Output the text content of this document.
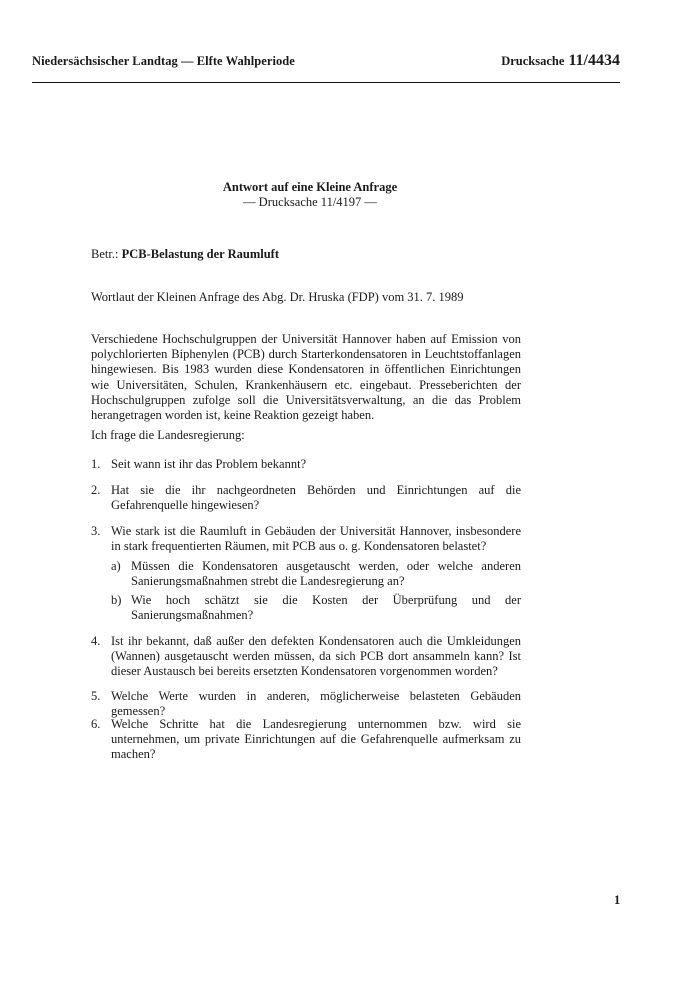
Niedersächsischer Landtag — Elfte Wahlperiode	Drucksache 11/4434
Antwort auf eine Kleine Anfrage
— Drucksache 11/4197 —
Betr.: PCB-Belastung der Raumluft
Wortlaut der Kleinen Anfrage des Abg. Dr. Hruska (FDP) vom 31. 7. 1989
Verschiedene Hochschulgruppen der Universität Hannover haben auf Emission von polychlorierten Biphenylen (PCB) durch Starterkondensatoren in Leuchtstoffanlagen hingewiesen. Bis 1983 wurden diese Kondensatoren in öffentlichen Einrichtungen wie Universitäten, Schulen, Krankenhäusern etc. eingebaut. Presseberichten der Hochschulgruppen zufolge soll die Universitätsverwaltung, an die das Problem herangetragen worden ist, keine Reaktion gezeigt haben.
Ich frage die Landesregierung:
1. Seit wann ist ihr das Problem bekannt?
2. Hat sie die ihr nachgeordneten Behörden und Einrichtungen auf die Gefahrenquelle hingewiesen?
3. Wie stark ist die Raumluft in Gebäuden der Universität Hannover, insbesondere in stark frequentierten Räumen, mit PCB aus o. g. Kondensatoren belastet?
a) Müssen die Kondensatoren ausgetauscht werden, oder welche anderen Sanierungsmaßnahmen strebt die Landesregierung an?
b) Wie hoch schätzt sie die Kosten der Überprüfung und der Sanierungsmaßnahmen?
4. Ist ihr bekannt, daß außer den defekten Kondensatoren auch die Umkleidungen (Wannen) ausgetauscht werden müssen, da sich PCB dort ansammeln kann? Ist dieser Austausch bei bereits ersetzten Kondensatoren vorgenommen worden?
5. Welche Werte wurden in anderen, möglicherweise belasteten Gebäuden gemessen?
6. Welche Schritte hat die Landesregierung unternommen bzw. wird sie unternehmen, um private Einrichtungen auf die Gefahrenquelle aufmerksam zu machen?
1
